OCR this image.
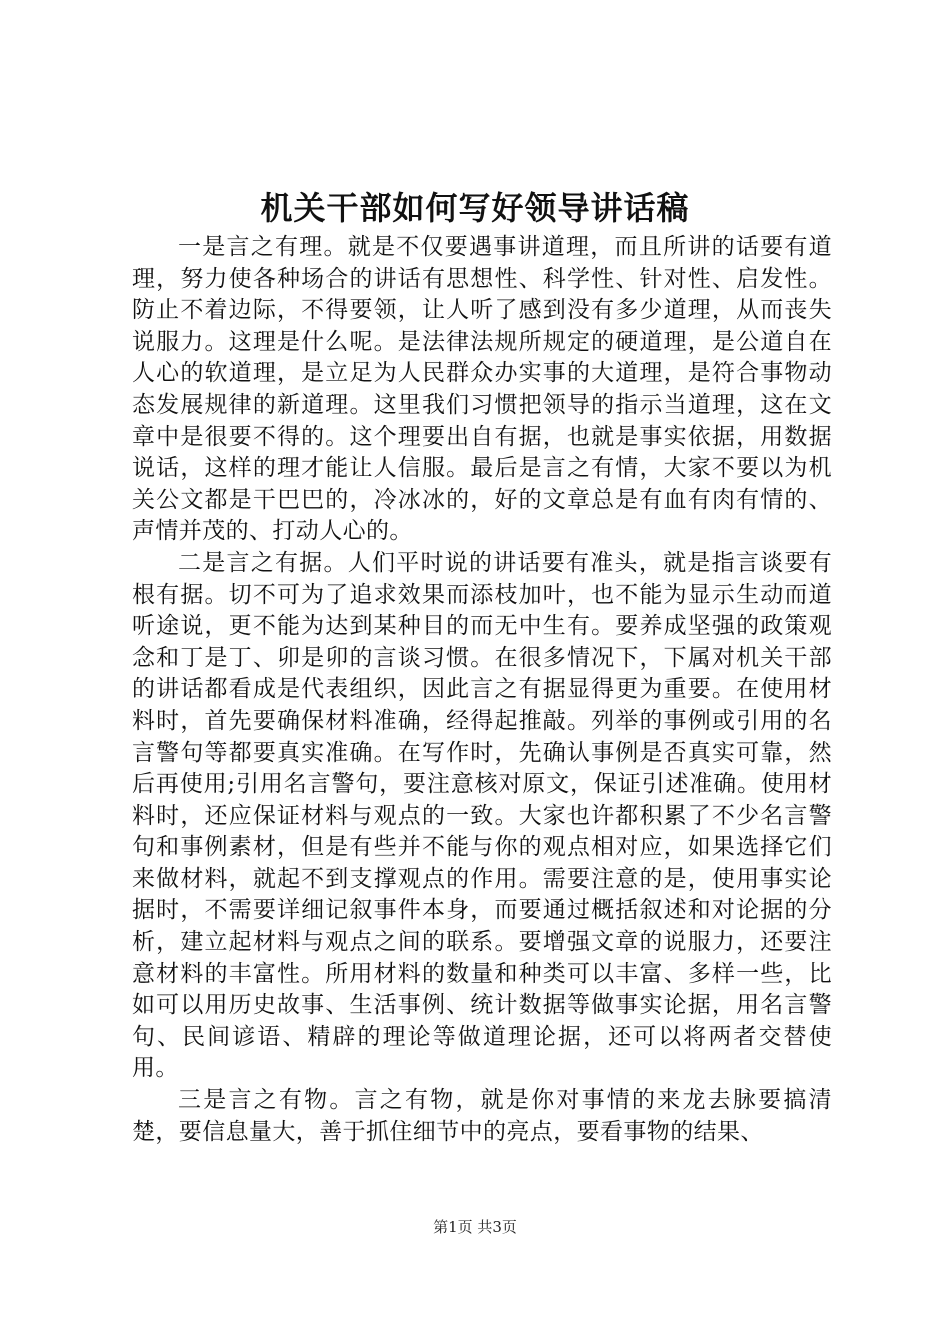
机关干部如何写好领导讲话稿

一是言之有理。就是不仅要遇事讲道理，而且所讲的话要有道理，努力使各种场合的讲话有思想性、科学性、针对性、启发性。防止不着边际，不得要领，让人听了感到没有多少道理，从而丧失说服力。这理是什么呢。是法律法规所规定的硬道理，是公道自在人心的软道理，是立足为人民群众办实事的大道理，是符合事物动态发展规律的新道理。这里我们习惯把领导的指示当道理，这在文章中是很要不得的。这个理要出自有据，也就是事实依据，用数据说话，这样的理才能让人信服。最后是言之有情，大家不要以为机关公文都是干巴巴的，冷冰冰的，好的文章总是有血有肉有情的、声情并茂的、打动人心的。

二是言之有据。人们平时说的讲话要有准头，就是指言谈要有根有据。切不可为了追求效果而添枝加叶，也不能为显示生动而道听途说，更不能为达到某种目的而无中生有。要养成坚强的政策观念和丁是丁、卯是卯的言谈习惯。在很多情况下，下属对机关干部的讲话都看成是代表组织，因此言之有据显得更为重要。在使用材料时，首先要确保材料准确，经得起推敲。列举的事例或引用的名言警句等都要真实准确。在写作时，先确认事例是否真实可靠，然后再使用;引用名言警句，要注意核对原文，保证引述准确。使用材料时，还应保证材料与观点的一致。大家也许都积累了不少名言警句和事例素材，但是有些并不能与你的观点相对应，如果选择它们来做材料，就起不到支撑观点的作用。需要注意的是，使用事实论据时，不需要详细记叙事件本身，而要通过概括叙述和对论据的分析，建立起材料与观点之间的联系。要增强文章的说服力，还要注意材料的丰富性。所用材料的数量和种类可以丰富、多样一些，比如可以用历史故事、生活事例、统计数据等做事实论据，用名言警句、民间谚语、精辟的理论等做道理论据，还可以将两者交替使用。

三是言之有物。言之有物，就是你对事情的来龙去脉要搞清楚，要信息量大，善于抓住细节中的亮点，要看事物的结果、

第1页 共3页
